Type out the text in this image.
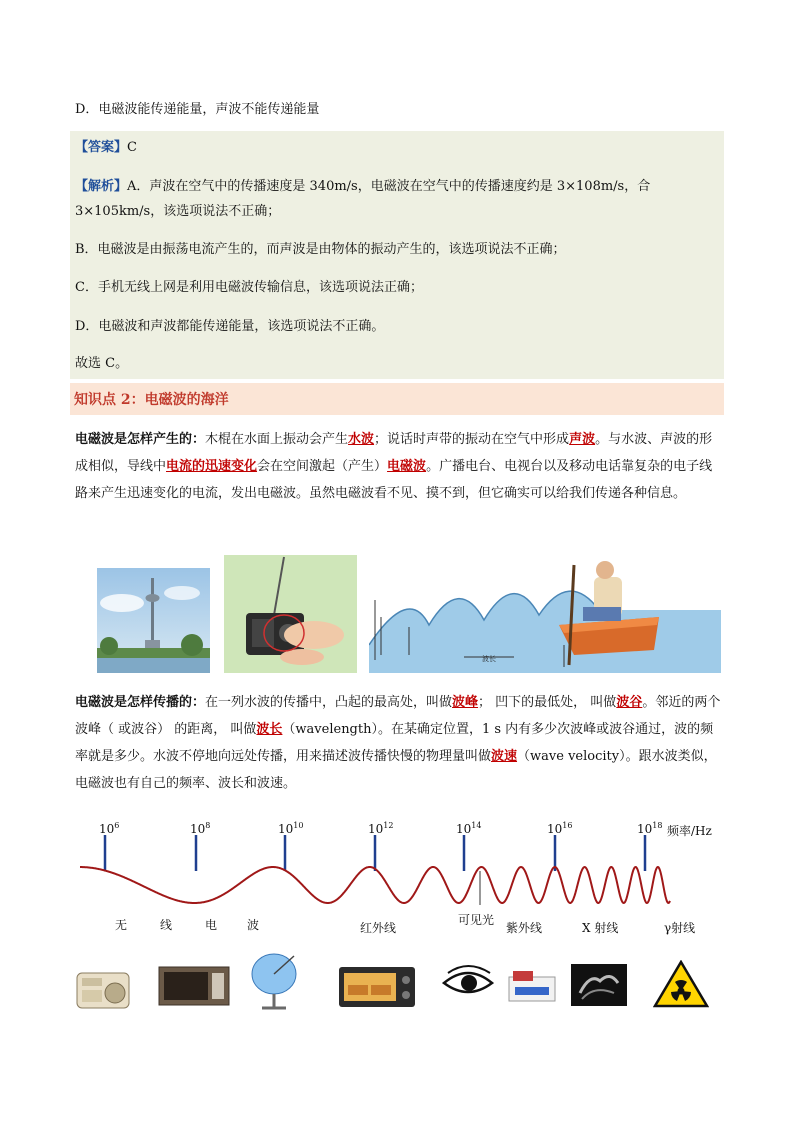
D．电磁波能传递能量，声波不能传递能量
【答案】C
【解析】A．声波在空气中的传播速度是 340m/s，电磁波在空气中的传播速度约是 3×108m/s，合
3×105km/s，该选项说法不正确；
B．电磁波是由振荡电流产生的，而声波是由物体的振动产生的，该选项说法不正确；
C．手机无线上网是利用电磁波传输信息，该选项说法正确；
D．电磁波和声波都能传递能量，该选项说法不正确。
故选 C。
知识点 2：电磁波的海洋
电磁波是怎样产生的：木棍在水面上振动会产生水波；说话时声带的振动在空气中形成声波。与水波、声波的形成相似，导线中电流的迅速变化会在空间激起（产生）电磁波。广播电台、电视台以及移动电话靠复杂的电子线路来产生迅速变化的电流，发出电磁波。虽然电磁波看不见、摸不到，但它确实可以给我们传递各种信息。
波长
电磁波是怎样传播的：在一列水波的传播中，凸起的最高处，叫做波峰； 凹下的最低处， 叫做波谷。邻近的两个波峰（ 或波谷） 的距离， 叫做波长（wavelength）。在某确定位置，1 s 内有多少次波峰或波谷通过，波的频率就是多少。水波不停地向远处传播，用来描述波传播快慢的物理量叫做波速（wave velocity）。跟水波类似，电磁波也有自己的频率、波长和波速。
$10^6$	$10^8$	$10^{10}$	$10^{12}$	$10^{14}$	$10^{16}$	$10^{18}$ 频率/Hz
无	线	电 波	红外线
可见光
紫外线	X 射线	γ射线
